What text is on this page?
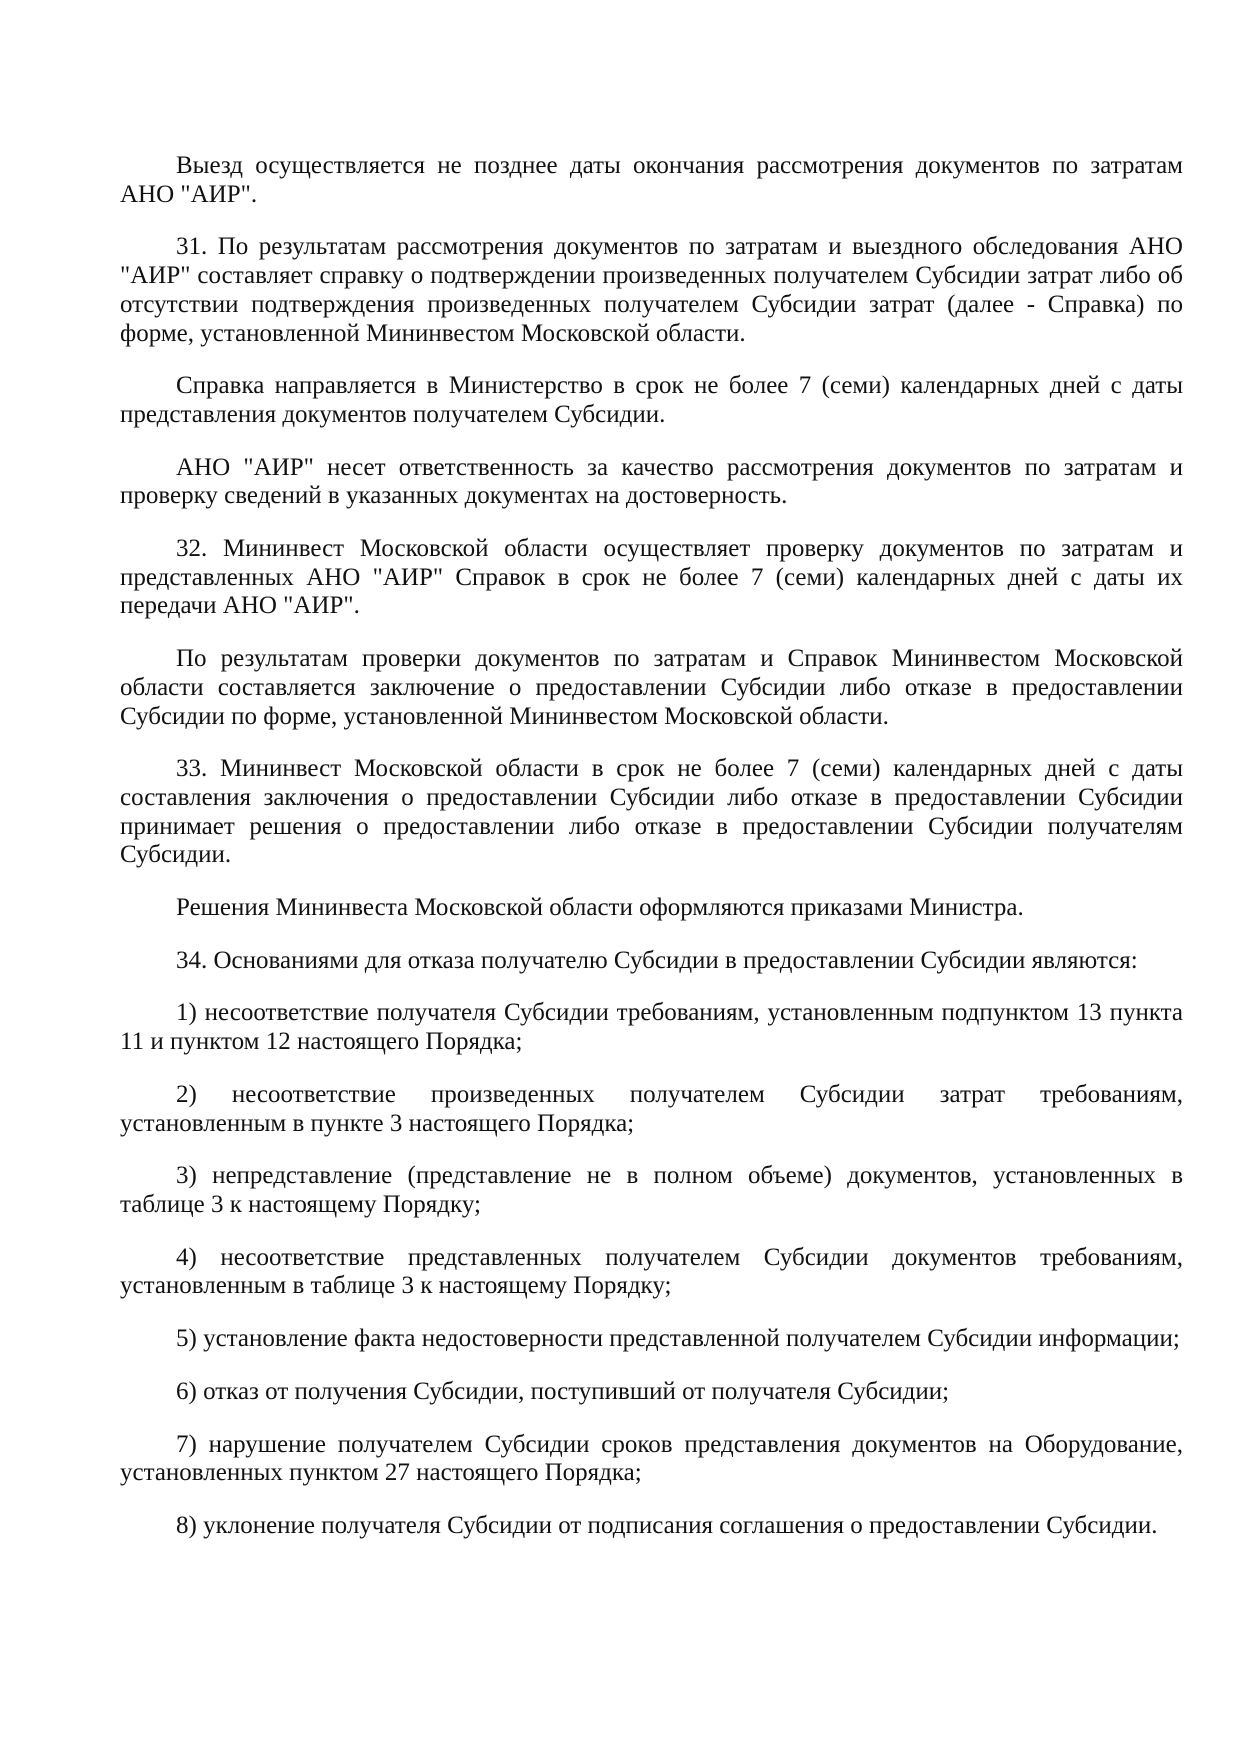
Выезд осуществляется не позднее даты окончания рассмотрения документов по затратам АНО "АИР".

31. По результатам рассмотрения документов по затратам и выездного обследования АНО "АИР" составляет справку о подтверждении произведенных получателем Субсидии затрат либо об отсутствии подтверждения произведенных получателем Субсидии затрат (далее - Справка) по форме, установленной Мининвестом Московской области.

Справка направляется в Министерство в срок не более 7 (семи) календарных дней с даты представления документов получателем Субсидии.

АНО "АИР" несет ответственность за качество рассмотрения документов по затратам и проверку сведений в указанных документах на достоверность.

32. Мининвест Московской области осуществляет проверку документов по затратам и представленных АНО "АИР" Справок в срок не более 7 (семи) календарных дней с даты их передачи АНО "АИР".

По результатам проверки документов по затратам и Справок Мининвестом Московской области составляется заключение о предоставлении Субсидии либо отказе в предоставлении Субсидии по форме, установленной Мининвестом Московской области.

33. Мининвест Московской области в срок не более 7 (семи) календарных дней с даты составления заключения о предоставлении Субсидии либо отказе в предоставлении Субсидии принимает решения о предоставлении либо отказе в предоставлении Субсидии получателям Субсидии.

Решения Мининвеста Московской области оформляются приказами Министра.

34. Основаниями для отказа получателю Субсидии в предоставлении Субсидии являются:

1) несоответствие получателя Субсидии требованиям, установленным подпунктом 13 пункта 11 и пунктом 12 настоящего Порядка;

2) несоответствие произведенных получателем Субсидии затрат требованиям, установленным в пункте 3 настоящего Порядка;

3) непредставление (представление не в полном объеме) документов, установленных в таблице 3 к настоящему Порядку;

4) несоответствие представленных получателем Субсидии документов требованиям, установленным в таблице 3 к настоящему Порядку;

5) установление факта недостоверности представленной получателем Субсидии информации;

6) отказ от получения Субсидии, поступивший от получателя Субсидии;

7) нарушение получателем Субсидии сроков представления документов на Оборудование, установленных пунктом 27 настоящего Порядка;

8) уклонение получателя Субсидии от подписания соглашения о предоставлении Субсидии.
